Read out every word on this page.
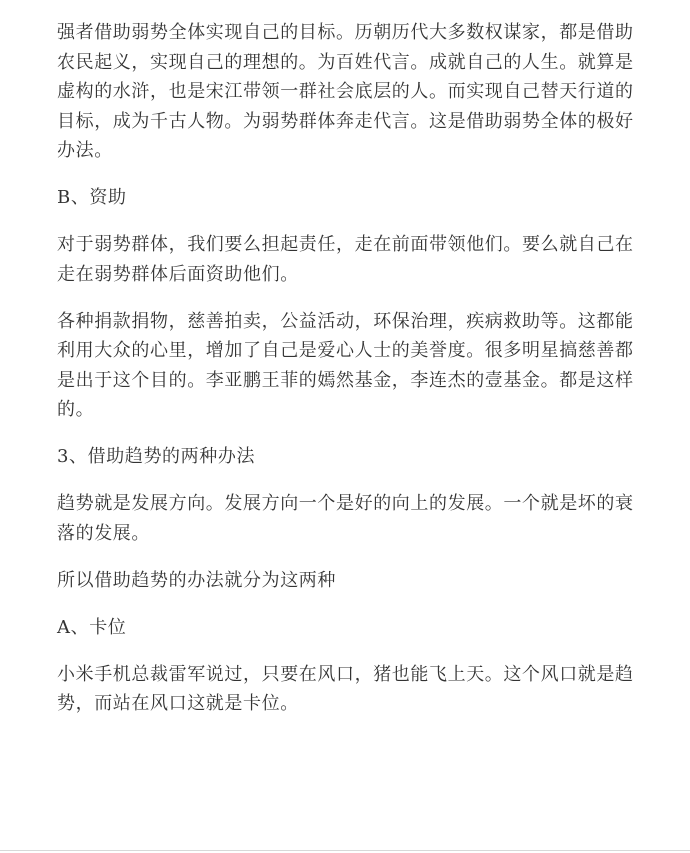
强者借助弱势全体实现自己的目标。历朝历代大多数权谋家，都是借助农民起义，实现自己的理想的。为百姓代言。成就自己的人生。就算是虚构的水浒，也是宋江带领一群社会底层的人。而实现自己替天行道的目标，成为千古人物。为弱势群体奔走代言。这是借助弱势全体的极好办法。

B、资助

对于弱势群体，我们要么担起责任，走在前面带领他们。要么就自己在走在弱势群体后面资助他们。

各种捐款捐物，慈善拍卖，公益活动，环保治理，疾病救助等。这都能利用大众的心里，增加了自己是爱心人士的美誉度。很多明星搞慈善都是出于这个目的。李亚鹏王菲的嫣然基金，李连杰的壹基金。都是这样的。

3、借助趋势的两种办法

趋势就是发展方向。发展方向一个是好的向上的发展。一个就是坏的衰落的发展。

所以借助趋势的办法就分为这两种

A、卡位

小米手机总裁雷军说过，只要在风口，猪也能飞上天。这个风口就是趋势，而站在风口这就是卡位。
